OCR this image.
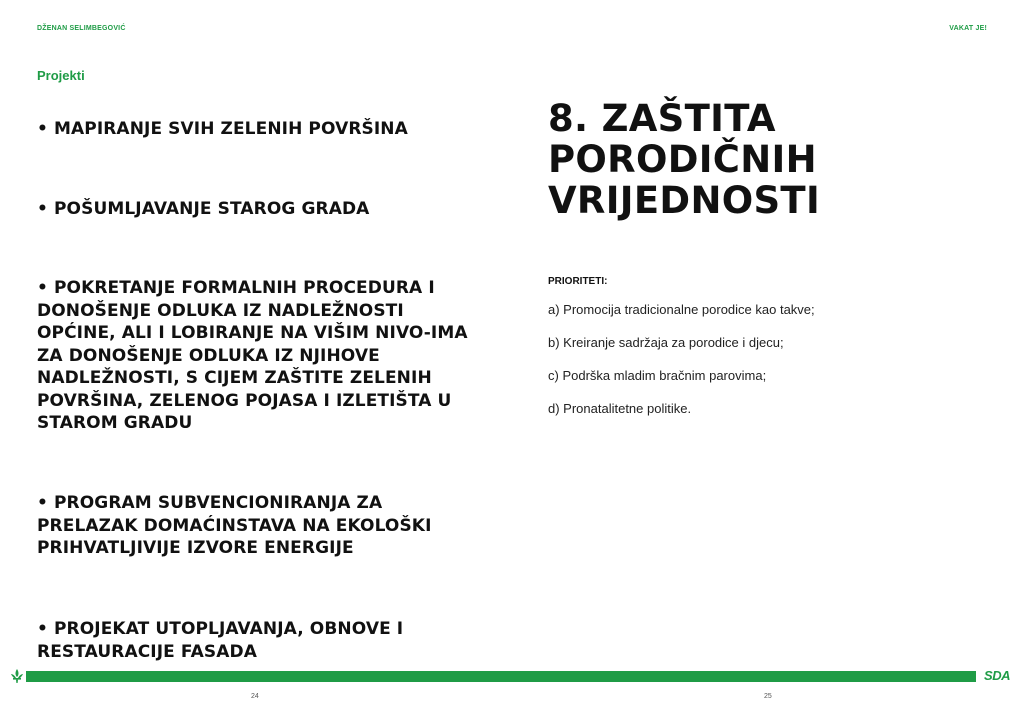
DŽENAN SELIMBEGOVIĆ	VAKAT JE!
Projekti
• MAPIRANJE SVIH ZELENIH POVRŠINA
• POŠUMLJAVANJE STAROG GRADA
• POKRETANJE FORMALNIH PROCEDURA I DONOŠENJE ODLUKA IZ NADLEŽNOSTI OPĆINE, ALI I LOBIRANJE NA VIŠIM NIVO-IMA ZA DONOŠENJE ODLUKA IZ NJIHOVE NADLEŽNOSTI, S CIJEM ZAŠTITE ZELENIH POVRŠINA, ZELENOG POJASA I IZLETIŠTA U STAROM GRADU
• PROGRAM SUBVENCIONIRANJA ZA PRELAZAK DOMAĆINSTAVA NA EKOLOŠKI PRIHVATLJIVIJE IZVORE ENERGIJE
• PROJEKAT UTOPLJAVANJA, OBNOVE I RESTAURACIJE FASADA
8. ZAŠTITA PORODIČNIH VRIJEDNOSTI
PRIORITETI:
a) Promocija tradicionalne porodice kao takve;
b) Kreiranje sadržaja za porodice i djecu;
c) Podrška mladim bračnim parovima;
d) Pronatalitetne politike.
SDA
24	25
